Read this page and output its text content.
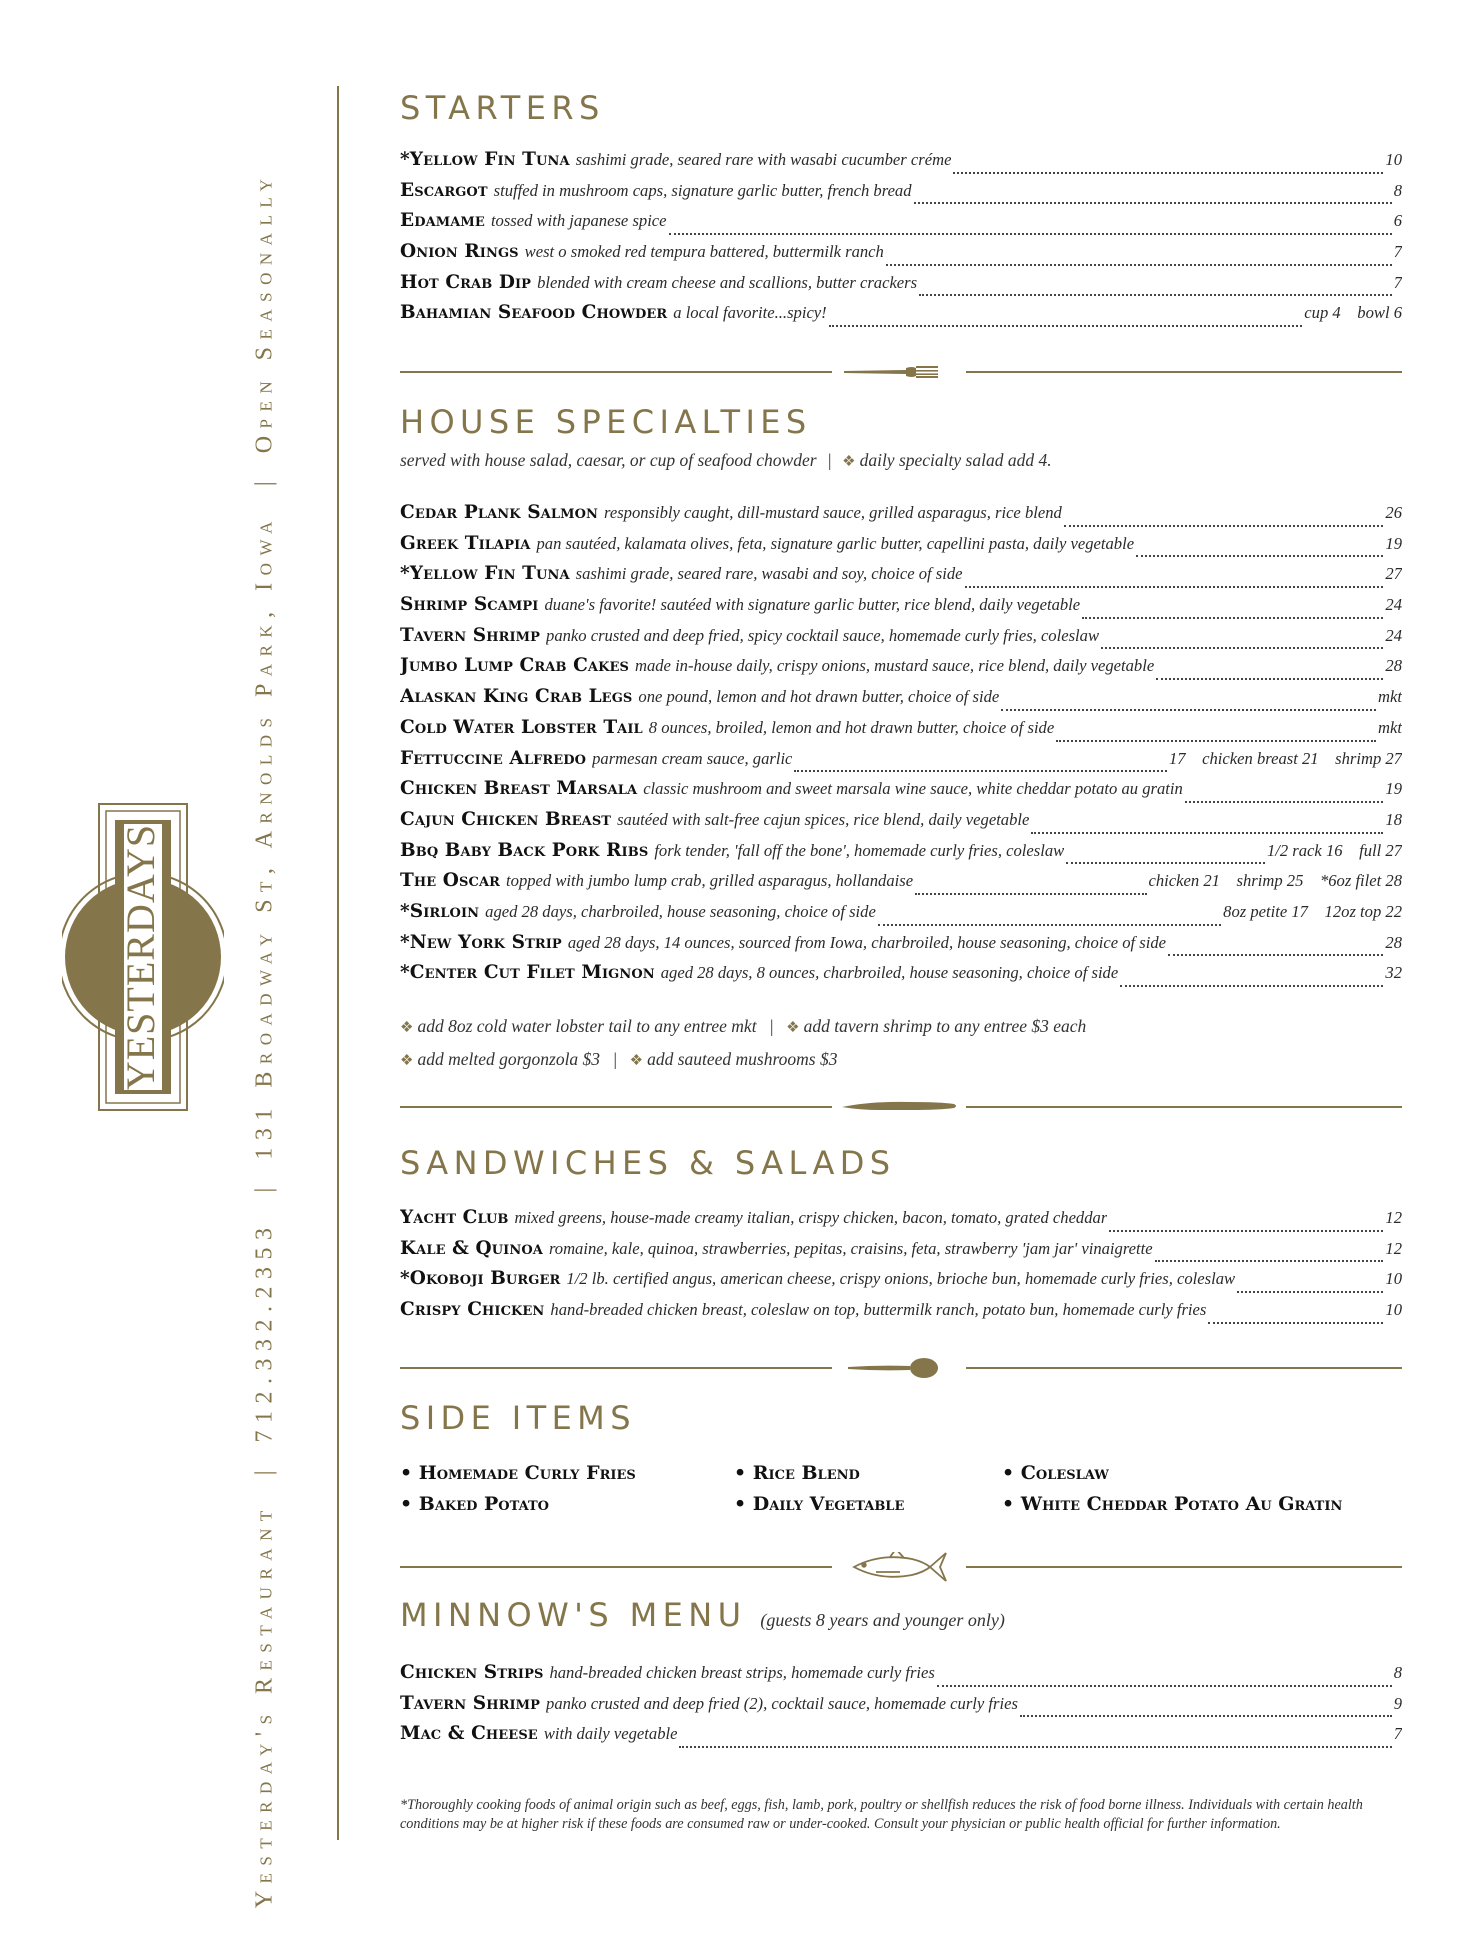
YESTERDAYS
Yesterday's Restaurant|712.332.2353|131 Broadway St, Arnolds Park, Iowa|Open Seasonally
STARTERS
*Yellow Fin Tuna sashimi grade, seared rare with wasabi cucumber créme	10
Escargot stuffed in mushroom caps, signature garlic butter, french bread	8
Edamame tossed with japanese spice	6
Onion Rings west o smoked red tempura battered, buttermilk ranch	7
Hot Crab Dip blended with cream cheese and scallions, butter crackers	7
Bahamian Seafood Chowder a local favorite...spicy!	cup 4    bowl 6
HOUSE SPECIALTIES
served with house salad, caesar, or cup of seafood chowder | ❖ daily specialty salad add 4.
Cedar Plank Salmon responsibly caught, dill-mustard sauce, grilled asparagus, rice blend	26
Greek Tilapia pan sautéed, kalamata olives, feta, signature garlic butter, capellini pasta, daily vegetable	19
*Yellow Fin Tuna sashimi grade, seared rare, wasabi and soy, choice of side	27
Shrimp Scampi duane's favorite! sautéed with signature garlic butter, rice blend, daily vegetable	24
Tavern Shrimp panko crusted and deep fried, spicy cocktail sauce, homemade curly fries, coleslaw	24
Jumbo Lump Crab Cakes made in-house daily, crispy onions, mustard sauce, rice blend, daily vegetable	28
Alaskan King Crab Legs one pound, lemon and hot drawn butter, choice of side	mkt
Cold Water Lobster Tail 8 ounces, broiled, lemon and hot drawn butter, choice of side	mkt
Fettuccine Alfredo parmesan cream sauce, garlic	17    chicken breast 21    shrimp 27
Chicken Breast Marsala classic mushroom and sweet marsala wine sauce, white cheddar potato au gratin	19
Cajun Chicken Breast sautéed with salt-free cajun spices, rice blend, daily vegetable	18
Bbq Baby Back Pork Ribs fork tender, 'fall off the bone', homemade curly fries, coleslaw	1/2 rack 16    full 27
The Oscar topped with jumbo lump crab, grilled asparagus, hollandaise	chicken 21    shrimp 25    *6oz filet 28
*Sirloin aged 28 days, charbroiled, house seasoning, choice of side	8oz petite 17    12oz top 22
*New York Strip aged 28 days, 14 ounces, sourced from Iowa, charbroiled, house seasoning, choice of side	28
*Center Cut Filet Mignon aged 28 days, 8 ounces, charbroiled, house seasoning, choice of side	32
❖ add 8oz cold water lobster tail to any entree mkt | ❖ add tavern shrimp to any entree $3 each
❖ add melted gorgonzola $3 | ❖ add sauteed mushrooms $3
SANDWICHES & SALADS
Yacht Club mixed greens, house-made creamy italian, crispy chicken, bacon, tomato, grated cheddar	12
Kale & Quinoa romaine, kale, quinoa, strawberries, pepitas, craisins, feta, strawberry 'jam jar' vinaigrette	12
*Okoboji Burger 1/2 lb. certified angus, american cheese, crispy onions, brioche bun, homemade curly fries, coleslaw	10
Crispy Chicken hand-breaded chicken breast, coleslaw on top, buttermilk ranch, potato bun, homemade curly fries	10
SIDE ITEMS
• Homemade Curly Fries	• Rice Blend	• Coleslaw
• Baked Potato	• Daily Vegetable	• White Cheddar Potato Au Gratin
MINNOW'S MENU (guests 8 years and younger only)
Chicken Strips hand-breaded chicken breast strips, homemade curly fries	8
Tavern Shrimp panko crusted and deep fried (2), cocktail sauce, homemade curly fries	9
Mac & Cheese with daily vegetable	7
*Thoroughly cooking foods of animal origin such as beef, eggs, fish, lamb, pork, poultry or shellfish reduces the risk of food borne illness. Individuals with certain health conditions may be at higher risk if these foods are consumed raw or under-cooked. Consult your physician or public health official for further information.
